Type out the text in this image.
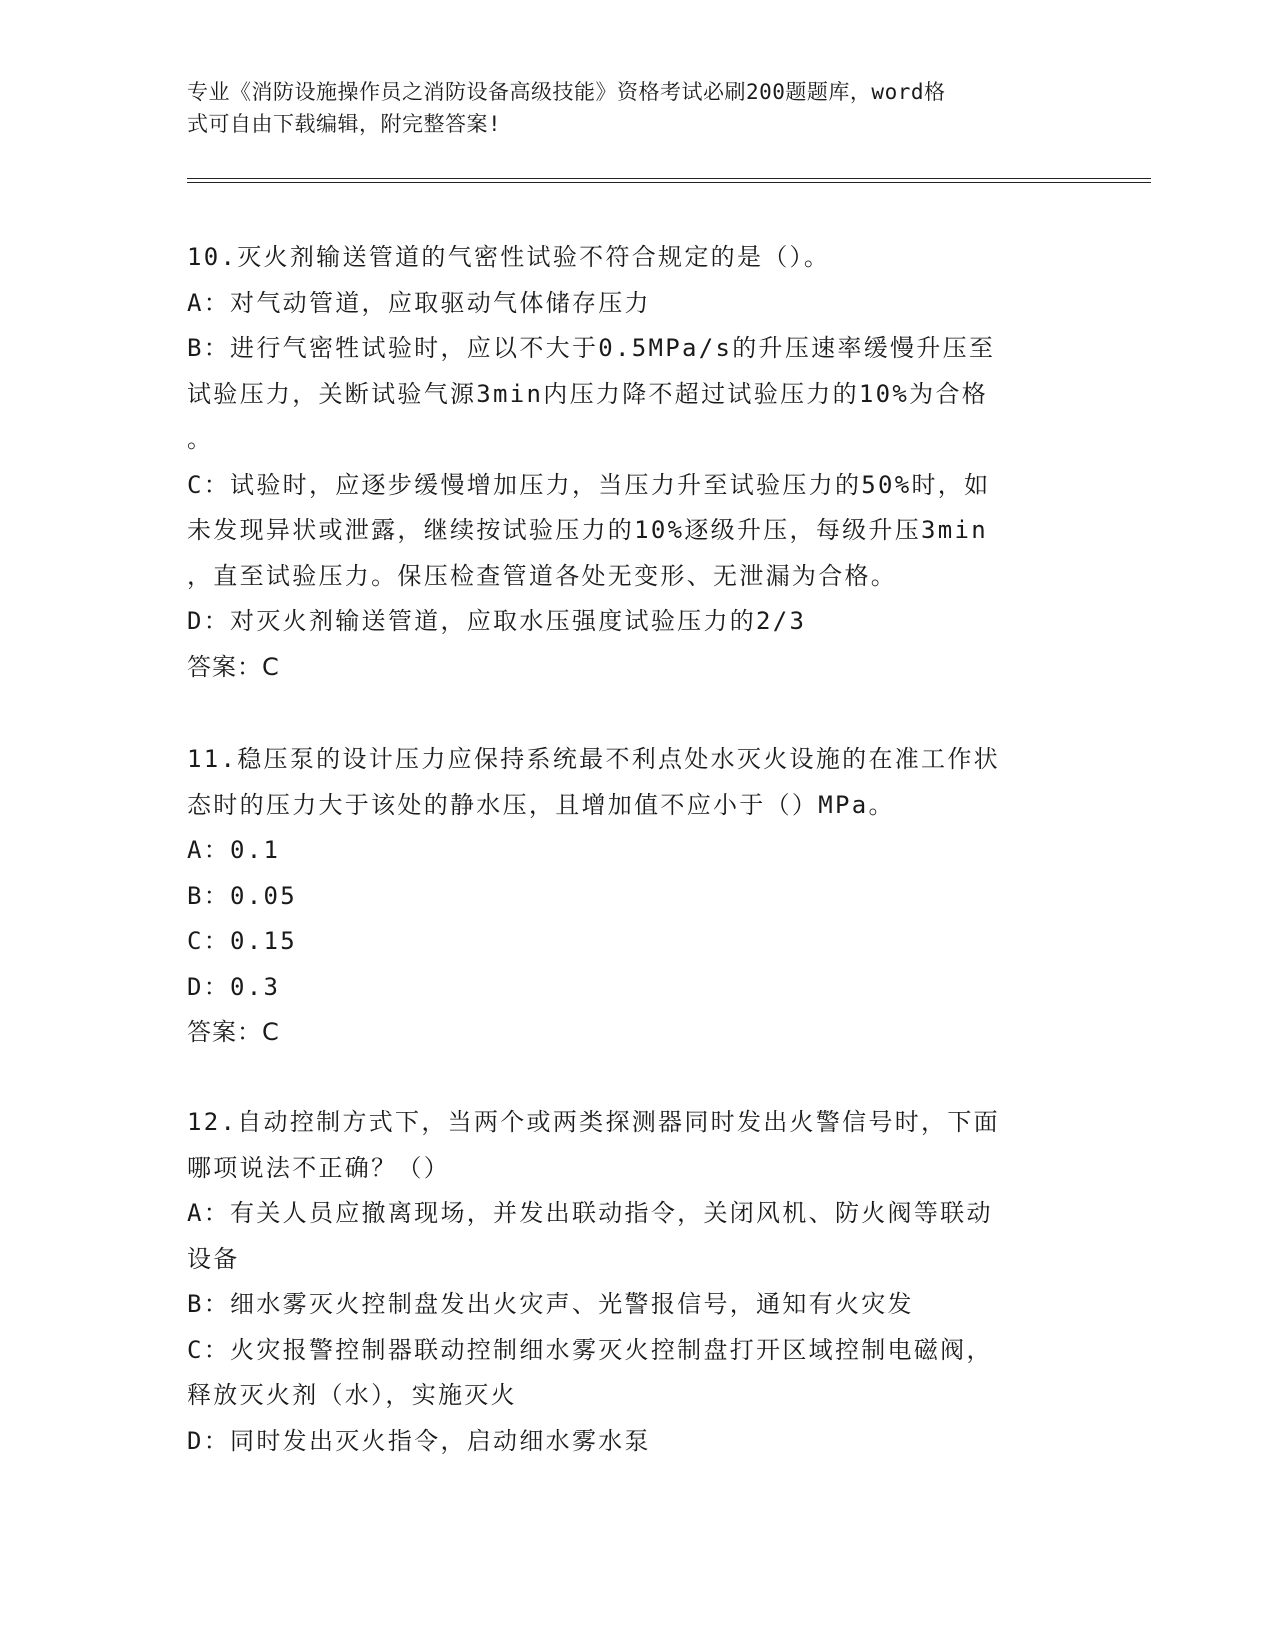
专业《消防设施操作员之消防设备高级技能》资格考试必刷200题题库，word格
式可自由下载编辑，附完整答案!

10.灭火剂输送管道的气密性试验不符合规定的是（）。

A：对气动管道，应取驱动气体储存压力

B：进行气密牲试验时，应以不大于0.5MPa/s的升压速率缓慢升压至

试验压力，关断试验气源3min内压力降不超过试验压力的10%为合格

。

C：试验时，应逐步缓慢增加压力，当压力升至试验压力的50%时，如

未发现异状或泄露，继续按试验压力的10%逐级升压，每级升压3min

，直至试验压力。保压检查管道各处无变形、无泄漏为合格。

D：对灭火剂输送管道，应取水压强度试验压力的2/3

答案：C

11.稳压泵的设计压力应保持系统最不利点处水灭火设施的在准工作状

态时的压力大于该处的静水压，且增加值不应小于（）MPa。

A：0.1

B：0.05

C：0.15

D：0.3

答案：C

12.自动控制方式下，当两个或两类探测器同时发出火警信号时，下面

哪项说法不正确？（）

A：有关人员应撤离现场，并发出联动指令，关闭风机、防火阀等联动

设备

B：细水雾灭火控制盘发出火灾声、光警报信号，通知有火灾发

C：火灾报警控制器联动控制细水雾灭火控制盘打开区域控制电磁阀，

释放灭火剂（水），实施灭火

D：同时发出灭火指令，启动细水雾水泵
